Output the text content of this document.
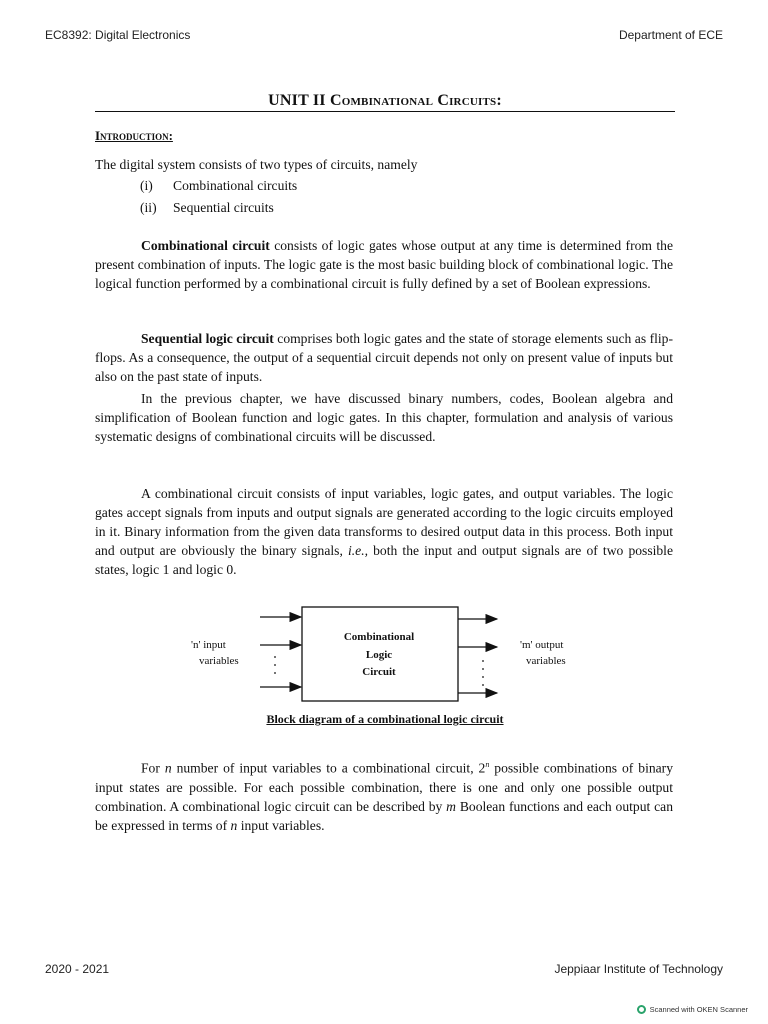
EC8392: Digital Electronics	Department of ECE
UNIT II Combinational Circuits:
Introduction:

The digital system consists of two types of circuits, namely

(i)	Combinational circuits
(ii)	Sequential circuits

Combinational circuit consists of logic gates whose output at any time is determined from the present combination of inputs. The logic gate is the most basic building block of combinational logic. The logical function performed by a combinational circuit is fully defined by a set of Boolean expressions.

Sequential logic circuit comprises both logic gates and the state of storage elements such as flip-flops. As a consequence, the output of a sequential circuit depends not only on present value of inputs but also on the past state of inputs.

In the previous chapter, we have discussed binary numbers, codes, Boolean algebra and simplification of Boolean function and logic gates. In this chapter, formulation and analysis of various systematic designs of combinational circuits will be discussed.

A combinational circuit consists of input variables, logic gates, and output variables. The logic gates accept signals from inputs and output signals are generated according to the logic circuits employed in it. Binary information from the given data transforms to desired output data in this process. Both input and output are obviously the binary signals, i.e., both the input and output signals are of two possible states, logic 1 and logic 0.

'n' input
variables
'm' output
variables
Combinational
Logic
Circuit
Block diagram of a combinational logic circuit

For n number of input variables to a combinational circuit, 2$^n$ possible combinations of binary input states are possible. For each possible combination, there is one and only one possible output combination. A combinational logic circuit can be described by m Boolean functions and each output can be expressed in terms of n input variables.

2020 - 2021	Jeppiaar Institute of Technology
Scanned with OKEN Scanner
